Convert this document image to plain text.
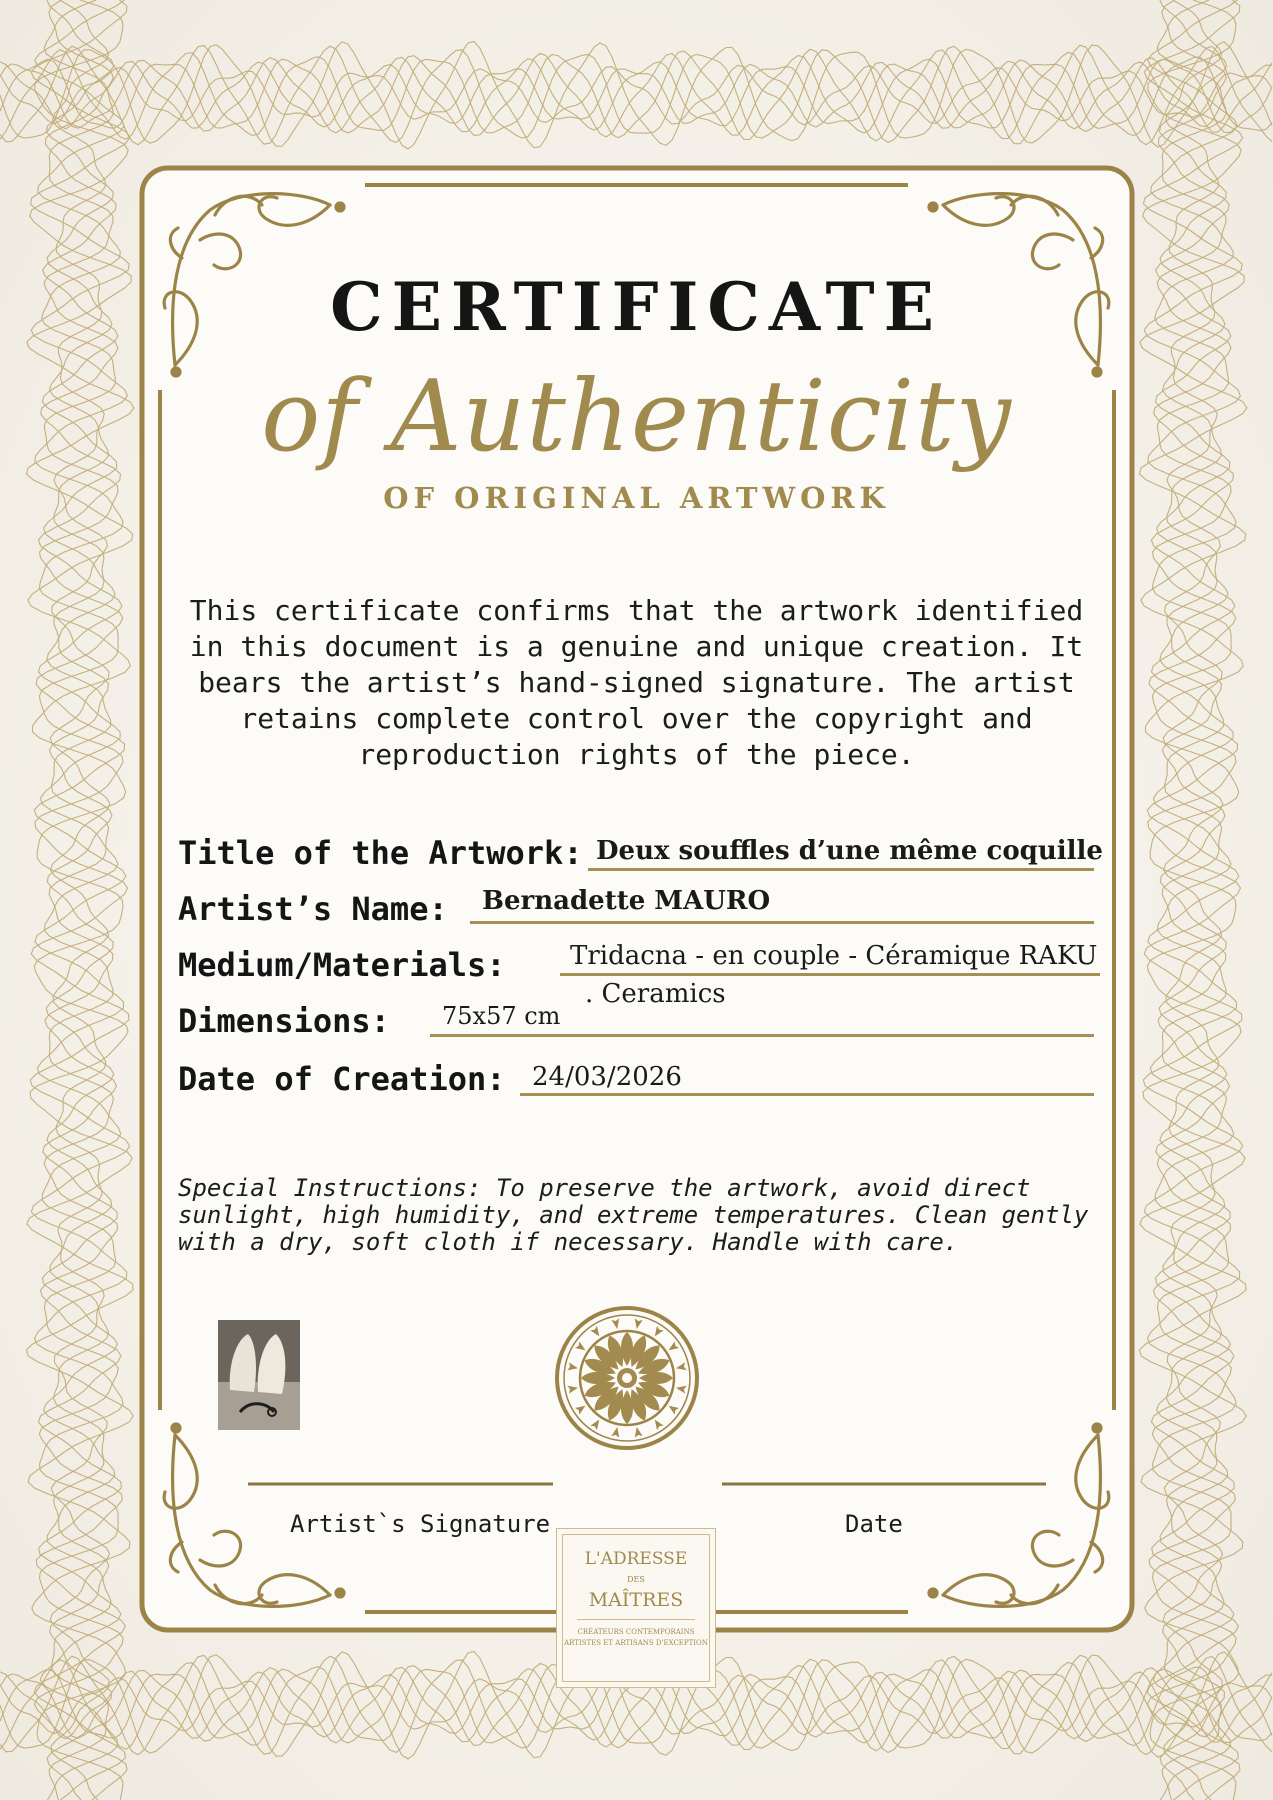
CERTIFICATE
of Authenticity
OF ORIGINAL ARTWORK
This certificate confirms that the artwork identified in this document is a genuine and unique creation. It bears the artist’s hand-signed signature. The artist retains complete control over the copyright and reproduction rights of the piece.
Title of the Artwork: Deux souffles d’une même coquille
Artist’s Name: Bernadette MAURO
Medium/Materials: Tridacna - en couple - Céramique RAKU
. Ceramics
Dimensions: 75x57 cm
Date of Creation: 24/03/2026
Special Instructions: To preserve the artwork, avoid direct sunlight, high humidity, and extreme temperatures. Clean gently with a dry, soft cloth if necessary. Handle with care.
Artist`s Signature	Date
L'ADRESSE
DES
MAÎTRES
CRÉATEURS CONTEMPORAINS ARTISTES ET ARTISANS D'EXCEPTION
